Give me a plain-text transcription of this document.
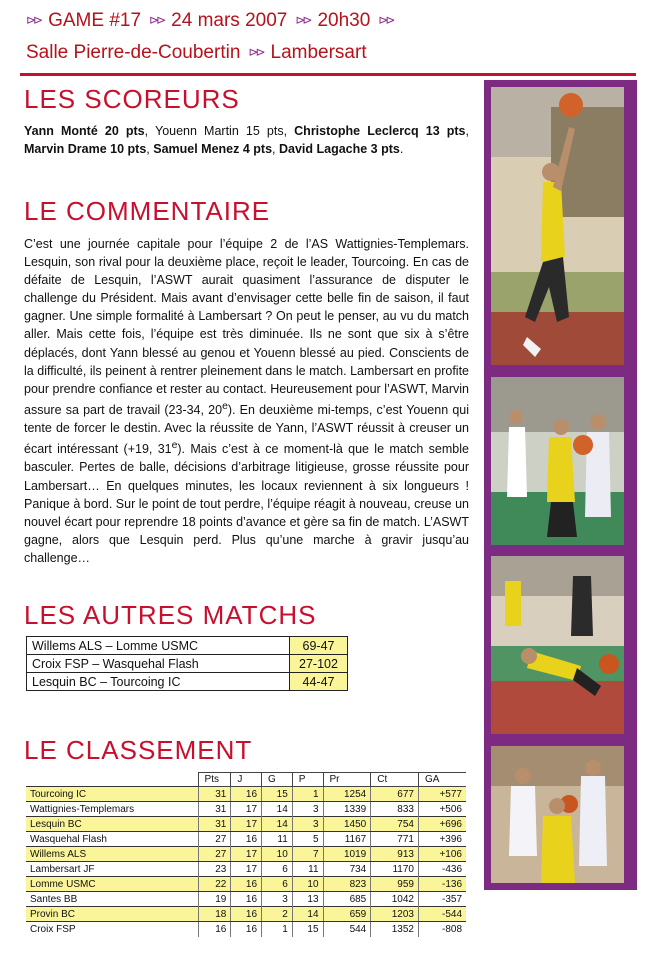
⊳⊳ GAME #17 ⊳⊳ 24 mars 2007 ⊳⊳ 20h30 ⊳⊳
Salle Pierre-de-Coubertin ⊳⊳ Lambersart
LES SCOREURS
Yann Monté 20 pts, Youenn Martin 15 pts, Christophe Leclercq 13 pts, Marvin Drame 10 pts, Samuel Menez 4 pts, David Lagache 3 pts.
LE COMMENTAIRE
C’est une journée capitale pour l’équipe 2 de l’AS Wattignies-Templemars. Lesquin, son rival pour la deuxième place, reçoit le leader, Tourcoing. En cas de défaite de Lesquin, l’ASWT aurait quasiment l’assurance de disputer le challenge du Président. Mais avant d’envisager cette belle fin de saison, il faut gagner. Une simple formalité à Lambersart ? On peut le penser, au vu du match aller. Mais cette fois, l’équipe est très diminuée. Ils ne sont que six à s’être déplacés, dont Yann blessé au genou et Youenn blessé au pied. Conscients de la difficulté, ils peinent à rentrer pleinement dans le match. Lambersart en profite pour prendre confiance et rester au contact. Heureusement pour l’ASWT, Marvin assure sa part de travail (23-34, 20e). En deuxième mi-temps, c’est Youenn qui tente de forcer le destin. Avec la réussite de Yann, l’ASWT réussit à creuser un écart intéressant (+19, 31e). Mais c’est à ce moment-là que le match semble basculer. Pertes de balle, décisions d’arbitrage litigieuse, grosse réussite pour Lambersart… En quelques minutes, les locaux reviennent à six longueurs ! Panique à bord. Sur le point de tout perdre, l’équipe réagit à nouveau, creuse un nouvel écart pour reprendre 18 points d’avance et gère sa fin de match. L’ASWT gagne, alors que Lesquin perd. Plus qu’une marche à gravir jusqu’au challenge…
LES AUTRES MATCHS
Willems ALS – Lomme USMC	69-47
Croix FSP – Wasquehal Flash	27-102
Lesquin BC – Tourcoing IC	44-47
LE CLASSEMENT
	Pts	J	G	P	Pr	Ct	GA
Tourcoing IC	31	16	15	1	1254	677	+577
Wattignies-Templemars	31	17	14	3	1339	833	+506
Lesquin BC	31	17	14	3	1450	754	+696
Wasquehal Flash	27	16	11	5	1167	771	+396
Willems ALS	27	17	10	7	1019	913	+106
Lambersart JF	23	17	6	11	734	1170	-436
Lomme USMC	22	16	6	10	823	959	-136
Santes BB	19	16	3	13	685	1042	-357
Provin BC	18	16	2	14	659	1203	-544
Croix FSP	16	16	1	15	544	1352	-808
